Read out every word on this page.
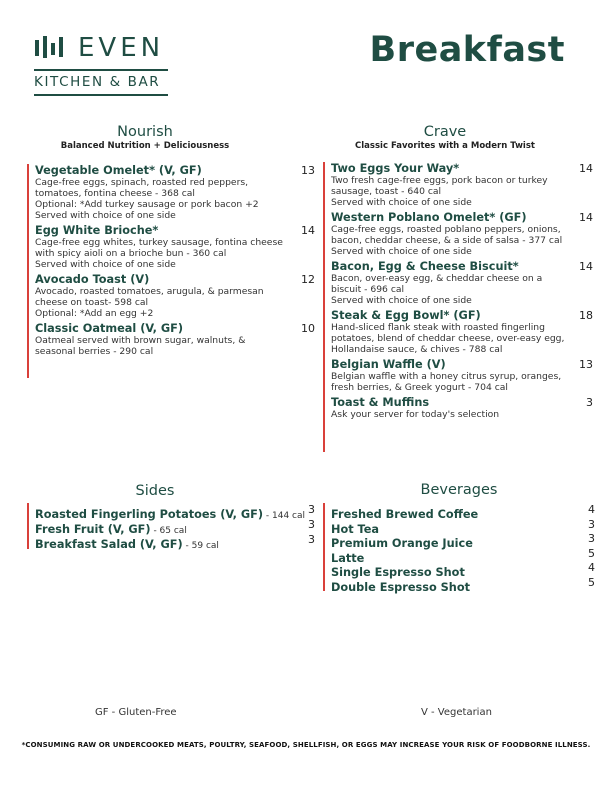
EVEN
KITCHEN & BAR
Breakfast
Nourish
Balanced Nutrition + Deliciousness
Vegetable Omelet* (V, GF)	13
Cage-free eggs, spinach, roasted red peppers,
tomatoes, fontina cheese - 368 cal
Optional: *Add turkey sausage or pork bacon +2
Served with choice of one side
Egg White Brioche*	14
Cage-free egg whites, turkey sausage, fontina cheese
with spicy aioli on a brioche bun - 360 cal
Served with choice of one side
Avocado Toast (V)	12
Avocado, roasted tomatoes, arugula, & parmesan
cheese on toast- 598 cal
Optional: *Add an egg +2
Classic Oatmeal (V, GF)	10
Oatmeal served with brown sugar, walnuts, &
seasonal berries - 290 cal
Crave
Classic Favorites with a Modern Twist
Two Eggs Your Way*	14
Two fresh cage-free eggs, pork bacon or turkey
sausage, toast - 640 cal
Served with choice of one side
Western Poblano Omelet* (GF)	14
Cage-free eggs, roasted poblano peppers, onions,
bacon, cheddar cheese, & a side of salsa - 377 cal
Served with choice of one side
Bacon, Egg & Cheese Biscuit*	14
Bacon, over-easy egg, & cheddar cheese on a
biscuit - 696 cal
Served with choice of one side
Steak & Egg Bowl* (GF)	18
Hand-sliced flank steak with roasted fingerling
potatoes, blend of cheddar cheese, over-easy egg,
Hollandaise sauce, & chives - 788 cal
Belgian Waffle (V)	13
Belgian waffle with a honey citrus syrup, oranges,
fresh berries, & Greek yogurt - 704 cal
Toast & Muffins	3
Ask your server for today's selection
Sides
Roasted Fingerling Potatoes (V, GF) - 144 cal 3
Fresh Fruit (V, GF) - 65 cal	3
Breakfast Salad (V, GF) - 59 cal	3
Beverages
Freshed Brewed Coffee	4
Hot Tea	3
Premium Orange Juice	3
Latte	5
Single Espresso Shot	4
Double Espresso Shot	5
GF - Gluten-Free	V - Vegetarian
*CONSUMING RAW OR UNDERCOOKED MEATS, POULTRY, SEAFOOD, SHELLFISH, OR EGGS MAY INCREASE YOUR RISK OF FOODBORNE ILLNESS.
